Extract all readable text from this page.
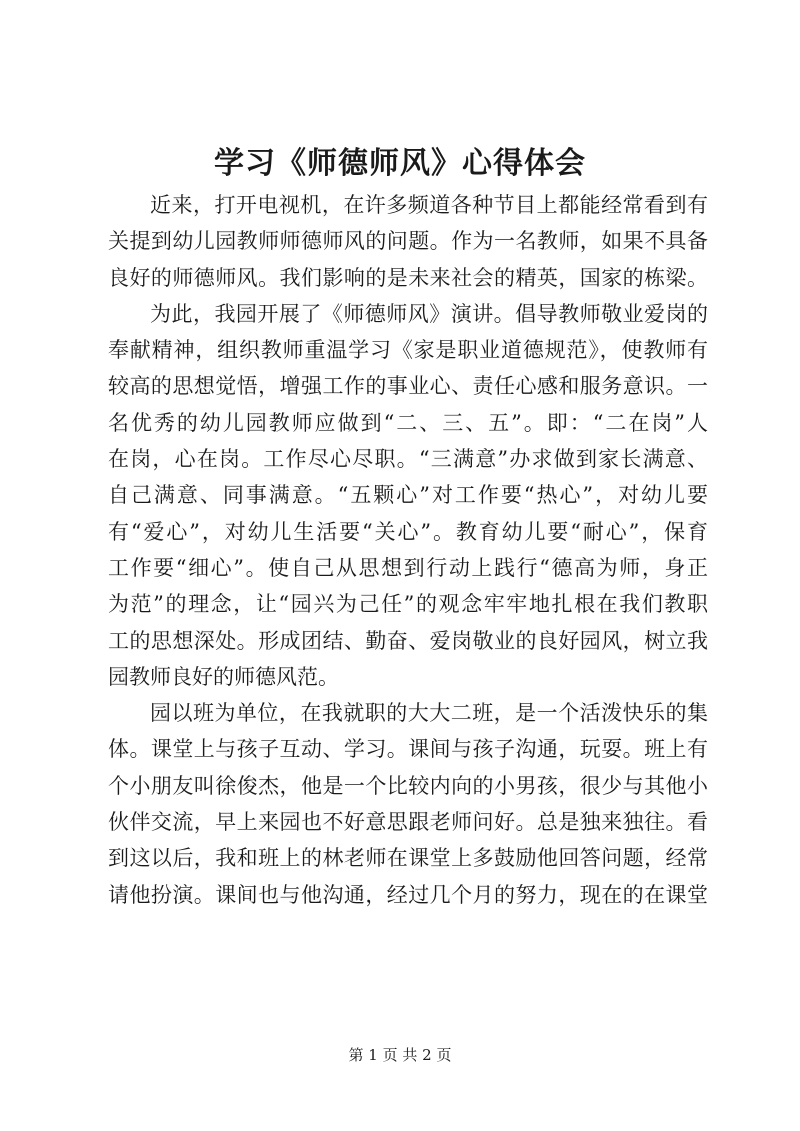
学习《师德师风》心得体会
近来，打开电视机，在许多频道各种节目上都能经常看到有
关提到幼儿园教师师德师风的问题。作为一名教师，如果不具备
良好的师德师风。我们影响的是未来社会的精英，国家的栋梁。
为此，我园开展了《师德师风》演讲。倡导教师敬业爱岗的
奉献精神，组织教师重温学习《家是职业道德规范》，使教师有
较高的思想觉悟，增强工作的事业心、责任心感和服务意识。一
名优秀的幼儿园教师应做到“二、三、五”。即：“二在岗”人
在岗，心在岗。工作尽心尽职。“三满意”办求做到家长满意、
自己满意、同事满意。“五颗心”对工作要“热心”，对幼儿要
有“爱心”，对幼儿生活要“关心”。教育幼儿要“耐心”，保育
工作要“细心”。使自己从思想到行动上践行“德高为师，身正
为范”的理念，让“园兴为己任”的观念牢牢地扎根在我们教职
工的思想深处。形成团结、勤奋、爱岗敬业的良好园风，树立我
园教师良好的师德风范。
园以班为单位，在我就职的大大二班，是一个活泼快乐的集
体。课堂上与孩子互动、学习。课间与孩子沟通，玩耍。班上有
个小朋友叫徐俊杰，他是一个比较内向的小男孩，很少与其他小
伙伴交流，早上来园也不好意思跟老师问好。总是独来独往。看
到这以后，我和班上的林老师在课堂上多鼓励他回答问题，经常
请他扮演。课间也与他沟通，经过几个月的努力，现在的在课堂
第 1 页 共 2 页
